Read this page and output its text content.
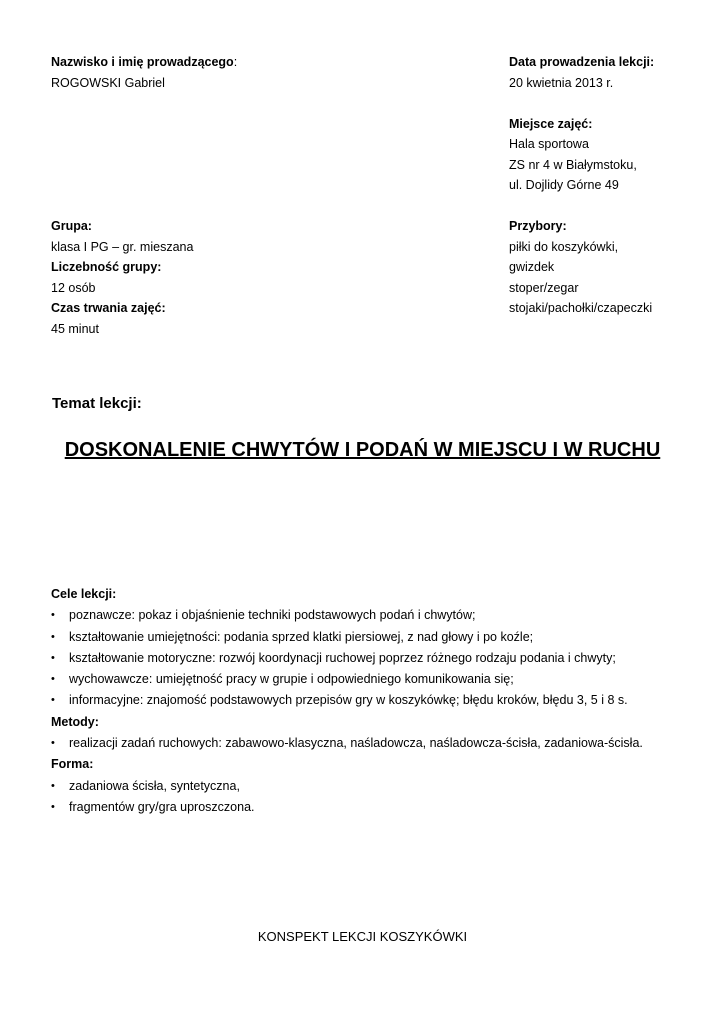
Nazwisko i imię prowadzącego:
ROGOWSKI Gabriel
Grupa:
klasa I PG – gr. mieszana
Liczebność grupy:
12 osób
Czas trwania zajęć:
45 minut
Data prowadzenia lekcji:
20 kwietnia 2013 r.
Miejsce zajęć:
Hala sportowa
ZS nr 4 w Białymstoku,
ul. Dojlidy Górne 49
Przybory:
piłki do koszykówki,
gwizdek
stoper/zegar
stojaki/pachołki/czapeczki
Temat lekcji:
DOSKONALENIE CHWYTÓW I PODAŃ W MIEJSCU I W RUCHU
Cele lekcji:
• poznawcze: pokaz i objaśnienie techniki podstawowych podań i chwytów;
• kształtowanie umiejętności: podania sprzed klatki piersiowej, z nad głowy i po koźle;
• kształtowanie motoryczne: rozwój koordynacji ruchowej poprzez różnego rodzaju podania i chwyty;
• wychowawcze: umiejętność pracy w grupie i odpowiedniego komunikowania się;
• informacyjne: znajomość podstawowych przepisów gry w koszykówkę; błędu kroków, błędu 3, 5 i 8 s.
Metody:
• realizacji zadań ruchowych: zabawowo-klasyczna, naśladowcza, naśladowcza-ścisła, zadaniowa-ścisła.
Forma:
• zadaniowa ścisła, syntetyczna,
• fragmentów gry/gra uproszczona.
KONSPEKT LEKCJI KOSZYKÓWKI
